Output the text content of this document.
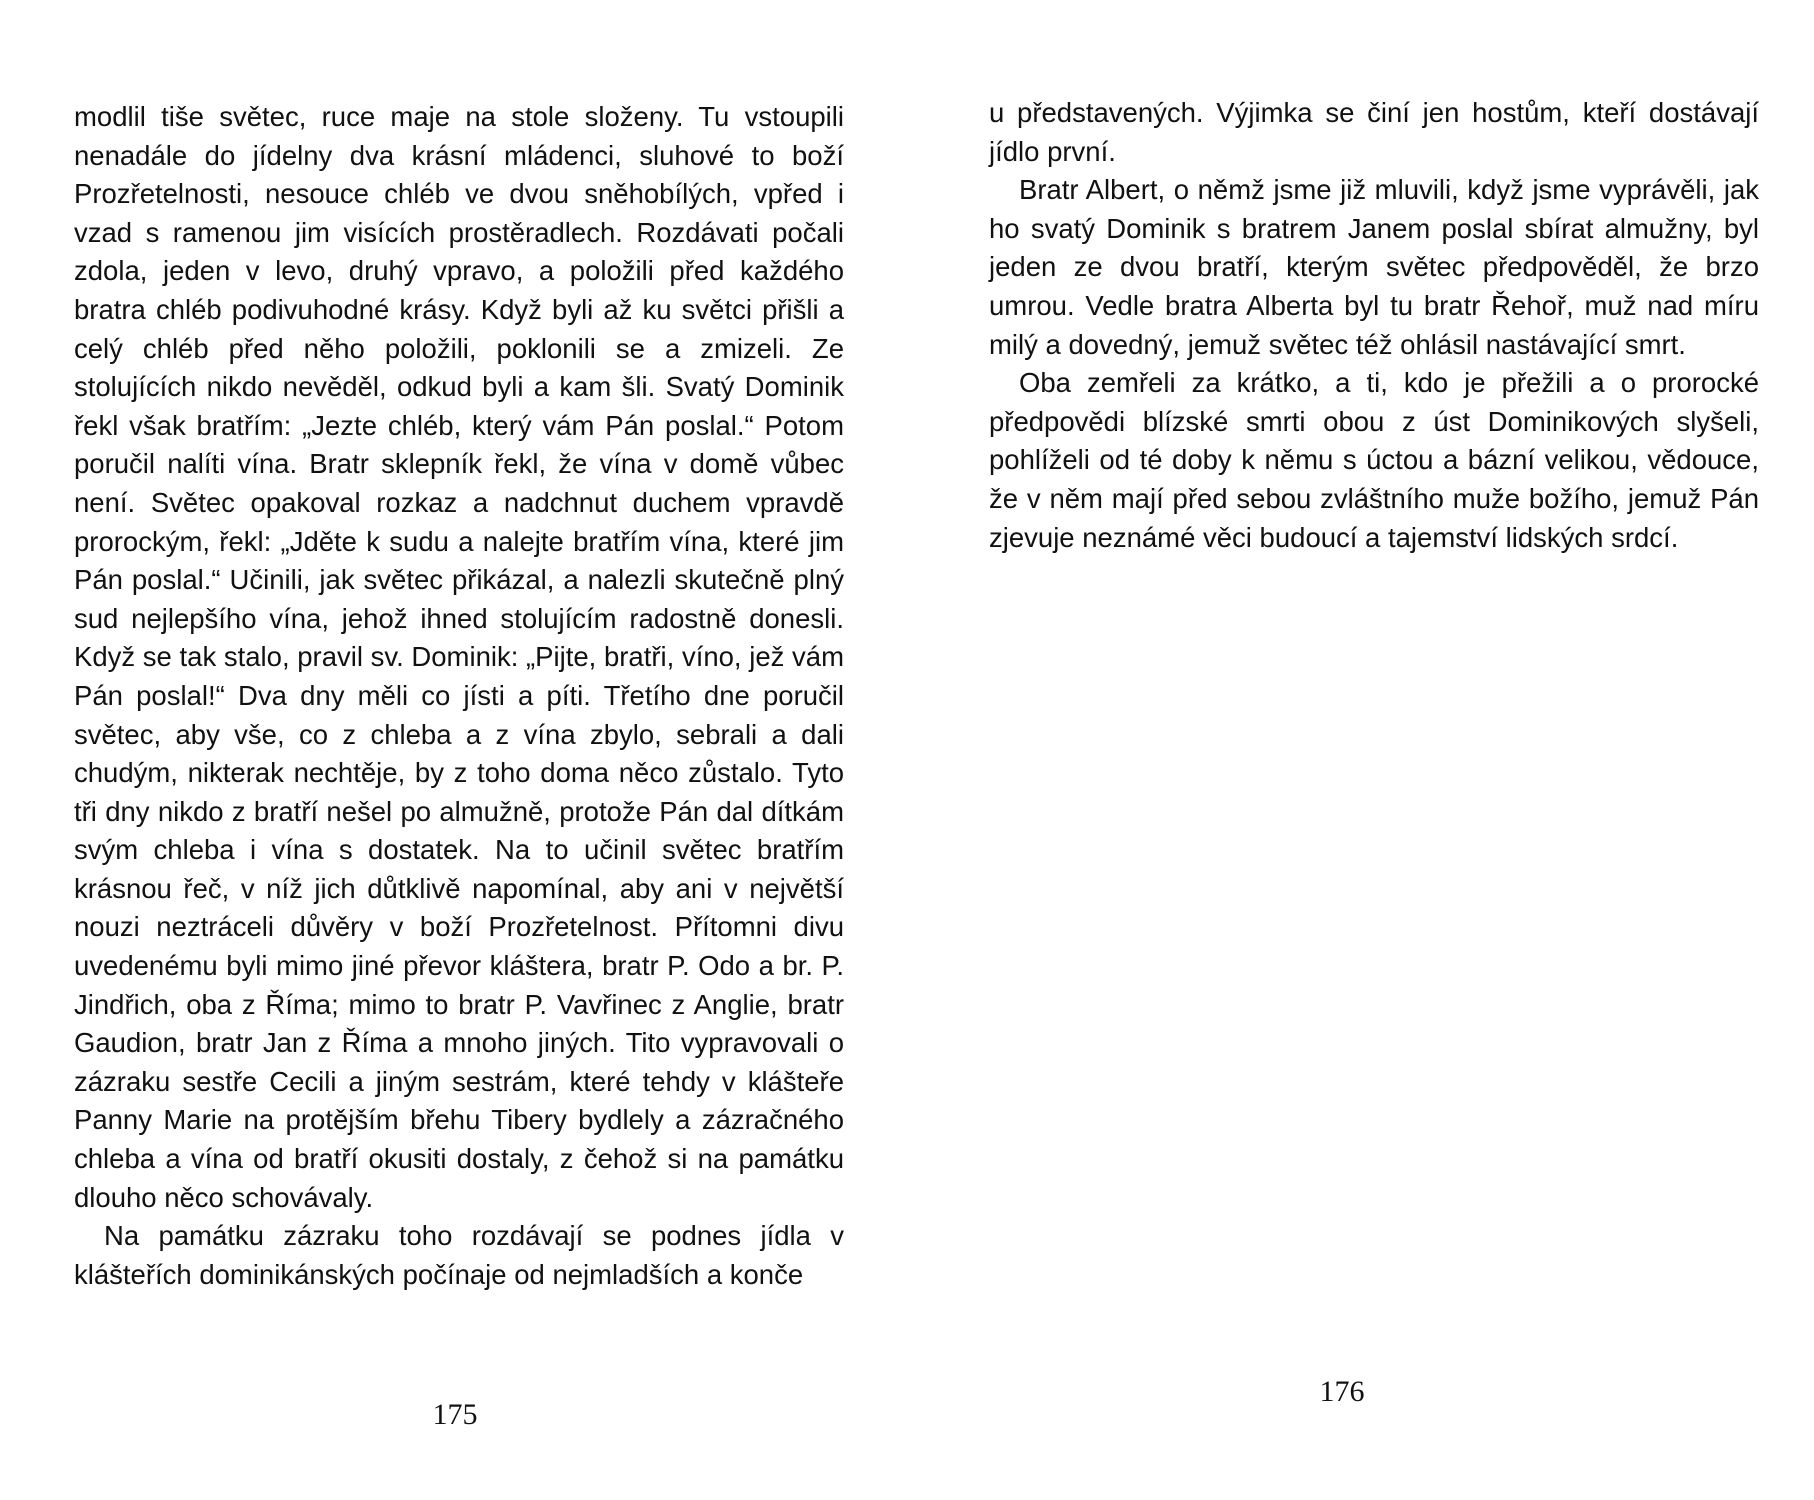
modlil tiše světec, ruce maje na stole složeny. Tu vstoupili nenadále do jídelny dva krásní mládenci, sluhové to boží Prozřetelnosti, nesouce chléb ve dvou sněhobílých, vpřed i vzad s ramenou jim visících prostěradlech. Rozdávati počali zdola, jeden v levo, druhý vpravo, a položili před každého bratra chléb podivuhodné krásy. Když byli až ku světci přišli a celý chléb před něho položili, poklonili se a zmizeli. Ze stolujících nikdo nevěděl, odkud byli a kam šli. Svatý Dominik řekl však bratřím: „Jezte chléb, který vám Pán poslal.“ Potom poručil nalíti vína. Bratr sklepník řekl, že vína v domě vůbec není. Světec opakoval rozkaz a nadchnut duchem vpravdě prorockým, řekl: „Jděte k sudu a nalejte bratřím vína, které jim Pán poslal.“ Učinili, jak světec přikázal, a nalezli skutečně plný sud nejlepšího vína, jehož ihned stolujícím radostně donesli. Když se tak stalo, pravil sv. Dominik: „Pijte, bratři, víno, jež vám Pán poslal!“ Dva dny měli co jísti a píti. Třetího dne poručil světec, aby vše, co z chleba a z vína zbylo, sebrali a dali chudým, nikterak nechtěje, by z toho doma něco zůstalo. Tyto tři dny nikdo z bratří nešel po almužně, protože Pán dal dítkám svým chleba i vína s dostatek. Na to učinil světec bratřím krásnou řeč, v níž jich důtklivě napomínal, aby ani v největší nouzi neztráceli důvěry v boží Prozřetelnost. Přítomni divu uvedenému byli mimo jiné převor kláštera, bratr P. Odo a br. P. Jindřich, oba z Říma; mimo to bratr P. Vavřinec z Anglie, bratr Gaudion, bratr Jan z Říma a mnoho jiných. Tito vypravovali o zázraku sestře Cecili a jiným sestrám, které tehdy v klášteře Panny Marie na protějším břehu Tibery bydlely a zázračného chleba a vína od bratří okusiti dostaly, z čehož si na památku dlouho něco schovávaly.

Na památku zázraku toho rozdávají se podnes jídla v klášteřích dominikánských počínaje od nejmladších a konče

175

u představených. Výjimka se činí jen hostům, kteří dostávají jídlo první.

Bratr Albert, o němž jsme již mluvili, když jsme vyprávěli, jak ho svatý Dominik s bratrem Janem poslal sbírat almužny, byl jeden ze dvou bratří, kterým světec předpověděl, že brzo umrou. Vedle bratra Alberta byl tu bratr Řehoř, muž nad míru milý a dovedný, jemuž světec též ohlásil nastávající smrt.

Oba zemřeli za krátko, a ti, kdo je přežili a o prorocké předpovědi blízské smrti obou z úst Dominikových slyšeli, pohlíželi od té doby k němu s úctou a bázní velikou, vědouce, že v něm mají před sebou zvláštního muže božího, jemuž Pán zjevuje neznámé věci budoucí a tajemství lidských srdcí.

176
